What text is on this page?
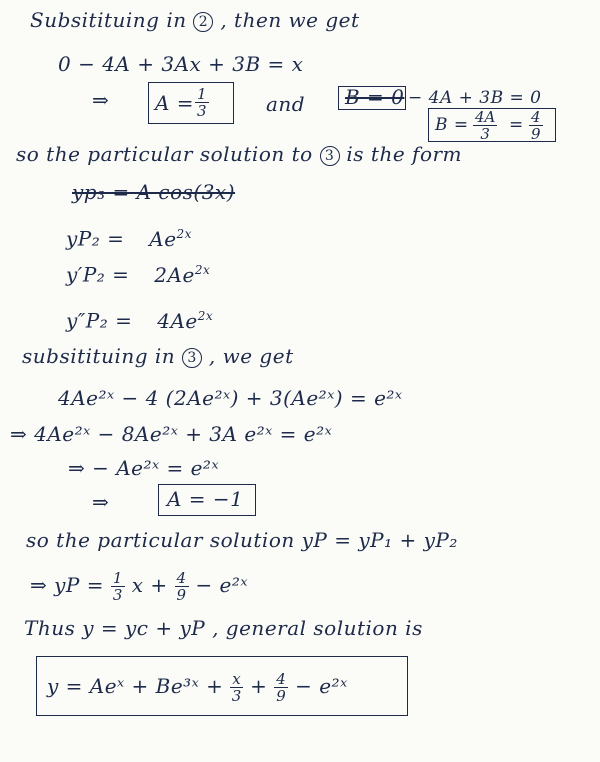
Subsitituing in 2 , then we get
0 − 4A + 3Ax + 3B = x
⇒ $A = \frac{1}{3}$	and B = 0 − 4A + 3B = 0
$B = \frac{4A}{3} = \frac{4}{9}$
so the particular solution to 3 is the form
yp₃ = A cos(3x)
$yP_2 = Ae^{2x}$
$y'P_2 = 2Ae^{2x}$
$y''P_2 = 4Ae^{2x}$
subsitituing in 3 , we get
4Ae²ˣ − 4 (2Ae²ˣ) + 3(Ae²ˣ) = e²ˣ
⇒ 4Ae²ˣ − 8Ae²ˣ + 3A e²ˣ = e²ˣ
⇒ − Ae²ˣ = e²ˣ
⇒	A = −1
so the particular solution yP = yP₁ + yP₂
⇒ yP = $\frac{1}{3}$ $x + \frac{4}{9}$ − e²ˣ
Thus y = yc + yP , general solution is
y = Aeˣ + Be³ˣ + $\frac{x}{3} + \frac{4}{9}$ − e²ˣ
